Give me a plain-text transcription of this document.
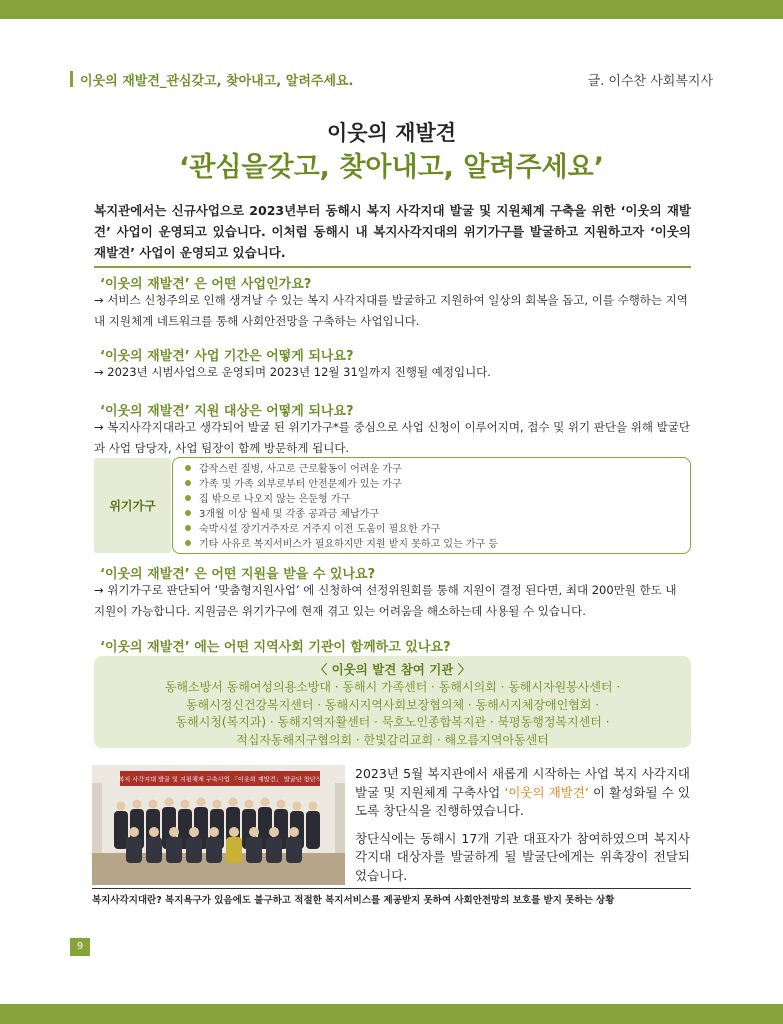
이웃의 재발견_관심갖고, 찾아내고, 알려주세요.	글. 이수찬 사회복지사
이웃의 재발견
‘관심을갖고, 찾아내고, 알려주세요’
복지관에서는 신규사업으로 2023년부터 동해시 복지 사각지대 발굴 및 지원체계 구축을 위한 ‘이웃의 재발견’ 사업이 운영되고 있습니다. 이처럼 동해시 내 복지사각지대의 위기가구를 발굴하고 지원하고자 ‘이웃의 재발견’ 사업이 운영되고 있습니다.
‘이웃의 재발견’ 은 어떤 사업인가요?
→ 서비스 신청주의로 인해 생겨날 수 있는 복지 사각지대를 발굴하고 지원하여 일상의 회복을 돕고, 이를 수행하는 지역 내 지원체계 네트워크를 통해 사회안전망을 구축하는 사업입니다.
‘이웃의 재발견’ 사업 기간은 어떻게 되나요?
→ 2023년 시범사업으로 운영되며 2023년 12월 31일까지 진행될 예정입니다.
‘이웃의 재발견’ 지원 대상은 어떻게 되나요?
→ 복지사각지대라고 생각되어 발굴 된 위기가구*를 중심으로 사업 신청이 이루어지며, 접수 및 위기 판단을 위해 발굴단과 사업 담당자, 사업 팀장이 함께 방문하게 됩니다.
위기가구
갑작스런 질병, 사고로 근로활동이 어려운 가구
가족 및 가족 외부로부터 안전문제가 있는 가구
집 밖으로 나오지 않는 은둔형 가구
3개월 이상 월세 및 각종 공과금 체납가구
숙박시설 장기거주자로 거주지 이전 도움이 필요한 가구
기타 사유로 복지서비스가 필요하지만 지원 받지 못하고 있는 가구 등
‘이웃의 재발견’ 은 어떤 지원을 받을 수 있나요?
→ 위기가구로 판단되어 ‘맞춤형지원사업’ 에 신청하여 선정위원회를 통해 지원이 결정 된다면, 최대 200만원 한도 내 지원이 가능합니다. 지원금은 위기가구에 현재 겪고 있는 어려움을 해소하는데 사용될 수 있습니다.
‘이웃의 재발견’ 에는 어떤 지역사회 기관이 함께하고 있나요?
〈 이웃의 발견 참여 기관 〉
동해소방서 동해여성의용소방대 · 동해시 가족센터 · 동해시의회 · 동해시자원봉사센터 ·
동해시정신건강복지센터 · 동해시지역사회보장협의체 · 동해시지체장애인협회 ·
동해시청(복지과) · 동해지역자활센터 · 묵호노인종합복지관 · 북평동행정복지센터 ·
적십자동해지구협의회 · 한빛감리교회 · 해오름지역아동센터
복지 사각지대 발굴 및 지원체계 구축사업 「이웃의 재발견」 발굴단 창단식	2023년 5월 복지관에서 새롭게 시작하는 사업 복지 사각지대 발굴 및 지원체계 구축사업 ‘이웃의 재발견’ 이 활성화될 수 있도록 창단식을 진행하였습니다.

창단식에는 동해시 17개 기관 대표자가 참여하였으며 복지사각지대 대상자를 발굴하게 될 발굴단에게는 위촉장이 전달되었습니다.

복지사각지대란? 복지욕구가 있음에도 불구하고 적절한 복지서비스를 제공받지 못하여 사회안전망의 보호를 받지 못하는 상황
9
